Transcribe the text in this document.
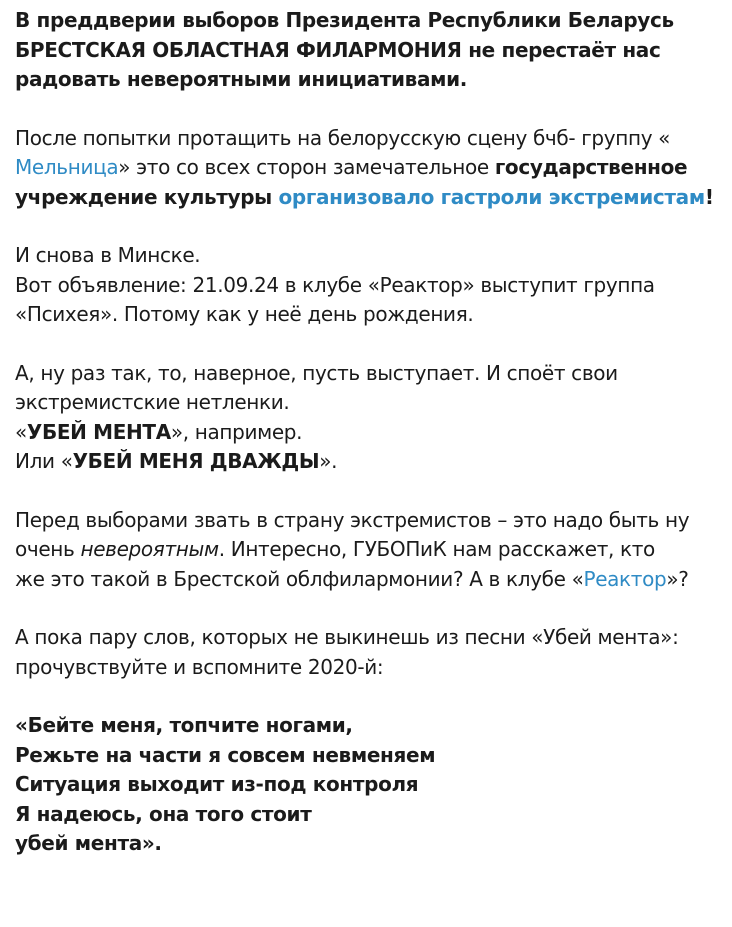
В преддверии выборов Президента Республики Беларусь
БРЕСТСКАЯ ОБЛАСТНАЯ ФИЛАРМОНИЯ не перестаёт нас
радовать невероятными инициативами.

После попытки протащить на белорусскую сцену бчб- группу «
Мельница» это со всех сторон замечательное государственное
учреждение культуры организовало гастроли экстремистам!

И снова в Минске.
Вот объявление: 21.09.24 в клубе «Реактор» выступит группа
«Психея». Потому как у неё день рождения.

А, ну раз так, то, наверное, пусть выступает. И споёт свои
экстремистские нетленки.
«УБЕЙ МЕНТА», например.
Или «УБЕЙ МЕНЯ ДВАЖДЫ».

Перед выборами звать в страну экстремистов – это надо быть ну
очень невероятным. Интересно, ГУБОПиК нам расскажет, кто
же это такой в Брестской облфилармонии? А в клубе «Реактор»?

А пока пару слов, которых не выкинешь из песни «Убей мента»:
прочувствуйте и вспомните 2020-й:

«Бейте меня, топчите ногами,
Режьте на части я совсем невменяем
Ситуация выходит из-под контроля
Я надеюсь, она того стоит
убей мента».
